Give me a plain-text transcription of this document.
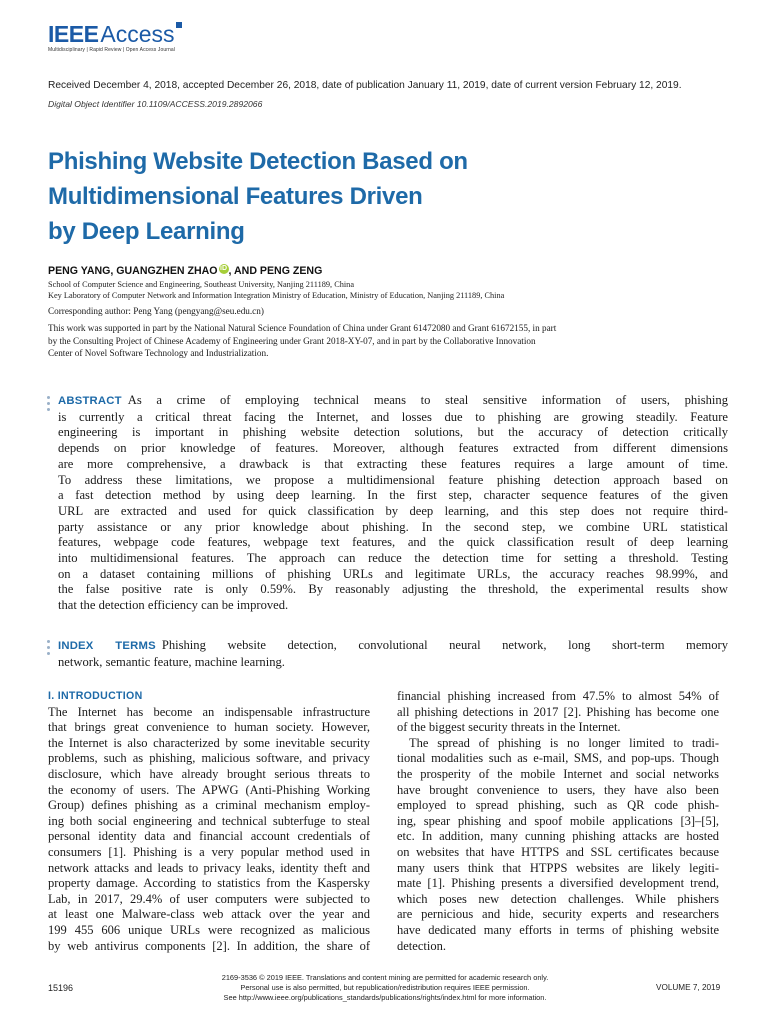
IEEEAccess
Multidisciplinary | Rapid Review | Open Access Journal
Received December 4, 2018, accepted December 26, 2018, date of publication January 11, 2019, date of current version February 12, 2019.
Digital Object Identifier 10.1109/ACCESS.2019.2892066
Phishing Website Detection Based on
Multidimensional Features Driven
by Deep Learning
PENG YANG, GUANGZHEN ZHAO iD , AND PENG ZENG
School of Computer Science and Engineering, Southeast University, Nanjing 211189, China
Key Laboratory of Computer Network and Information Integration Ministry of Education, Ministry of Education, Nanjing 211189, China
Corresponding author: Peng Yang (pengyang@seu.edu.cn)
This work was supported in part by the National Natural Science Foundation of China under Grant 61472080 and Grant 61672155, in part
by the Consulting Project of Chinese Academy of Engineering under Grant 2018-XY-07, and in part by the Collaborative Innovation
Center of Novel Software Technology and Industrialization.
ABSTRACT As a crime of employing technical means to steal sensitive information of users, phishing
is currently a critical threat facing the Internet, and losses due to phishing are growing steadily. Feature
engineering is important in phishing website detection solutions, but the accuracy of detection critically
depends on prior knowledge of features. Moreover, although features extracted from different dimensions
are more comprehensive, a drawback is that extracting these features requires a large amount of time.
To address these limitations, we propose a multidimensional feature phishing detection approach based on
a fast detection method by using deep learning. In the first step, character sequence features of the given
URL are extracted and used for quick classification by deep learning, and this step does not require third-
party assistance or any prior knowledge about phishing. In the second step, we combine URL statistical
features, webpage code features, webpage text features, and the quick classification result of deep learning
into multidimensional features. The approach can reduce the detection time for setting a threshold. Testing
on a dataset containing millions of phishing URLs and legitimate URLs, the accuracy reaches 98.99%, and
the false positive rate is only 0.59%. By reasonably adjusting the threshold, the experimental results show
that the detection efficiency can be improved.
INDEX TERMS Phishing website detection, convolutional neural network, long short-term memory
network, semantic feature, machine learning.
I. INTRODUCTION
The Internet has become an indispensable infrastructure
that brings great convenience to human society. However,
the Internet is also characterized by some inevitable security
problems, such as phishing, malicious software, and privacy
disclosure, which have already brought serious threats to
the economy of users. The APWG (Anti-Phishing Working
Group) defines phishing as a criminal mechanism employ-
ing both social engineering and technical subterfuge to steal
personal identity data and financial account credentials of
consumers [1]. Phishing is a very popular method used in
network attacks and leads to privacy leaks, identity theft and
property damage. According to statistics from the Kaspersky
Lab, in 2017, 29.4% of user computers were subjected to
at least one Malware-class web attack over the year and
199 455 606 unique URLs were recognized as malicious
by web antivirus components [2]. In addition, the share of
financial phishing increased from 47.5% to almost 54% of
all phishing detections in 2017 [2]. Phishing has become one
of the biggest security threats in the Internet.
The spread of phishing is no longer limited to tradi-
tional modalities such as e-mail, SMS, and pop-ups. Though
the prosperity of the mobile Internet and social networks
have brought convenience to users, they have also been
employed to spread phishing, such as QR code phish-
ing, spear phishing and spoof mobile applications [3]–[5],
etc. In addition, many cunning phishing attacks are hosted
on websites that have HTTPS and SSL certificates because
many users think that HTPPS websites are likely legiti-
mate [1]. Phishing presents a diversified development trend,
which poses new detection challenges. While phishers
are pernicious and hide, security experts and researchers
have dedicated many efforts in terms of phishing website
detection.
15196
2169-3536 © 2019 IEEE. Translations and content mining are permitted for academic research only.
Personal use is also permitted, but republication/redistribution requires IEEE permission.
See http://www.ieee.org/publications_standards/publications/rights/index.html for more information.
VOLUME 7, 2019
